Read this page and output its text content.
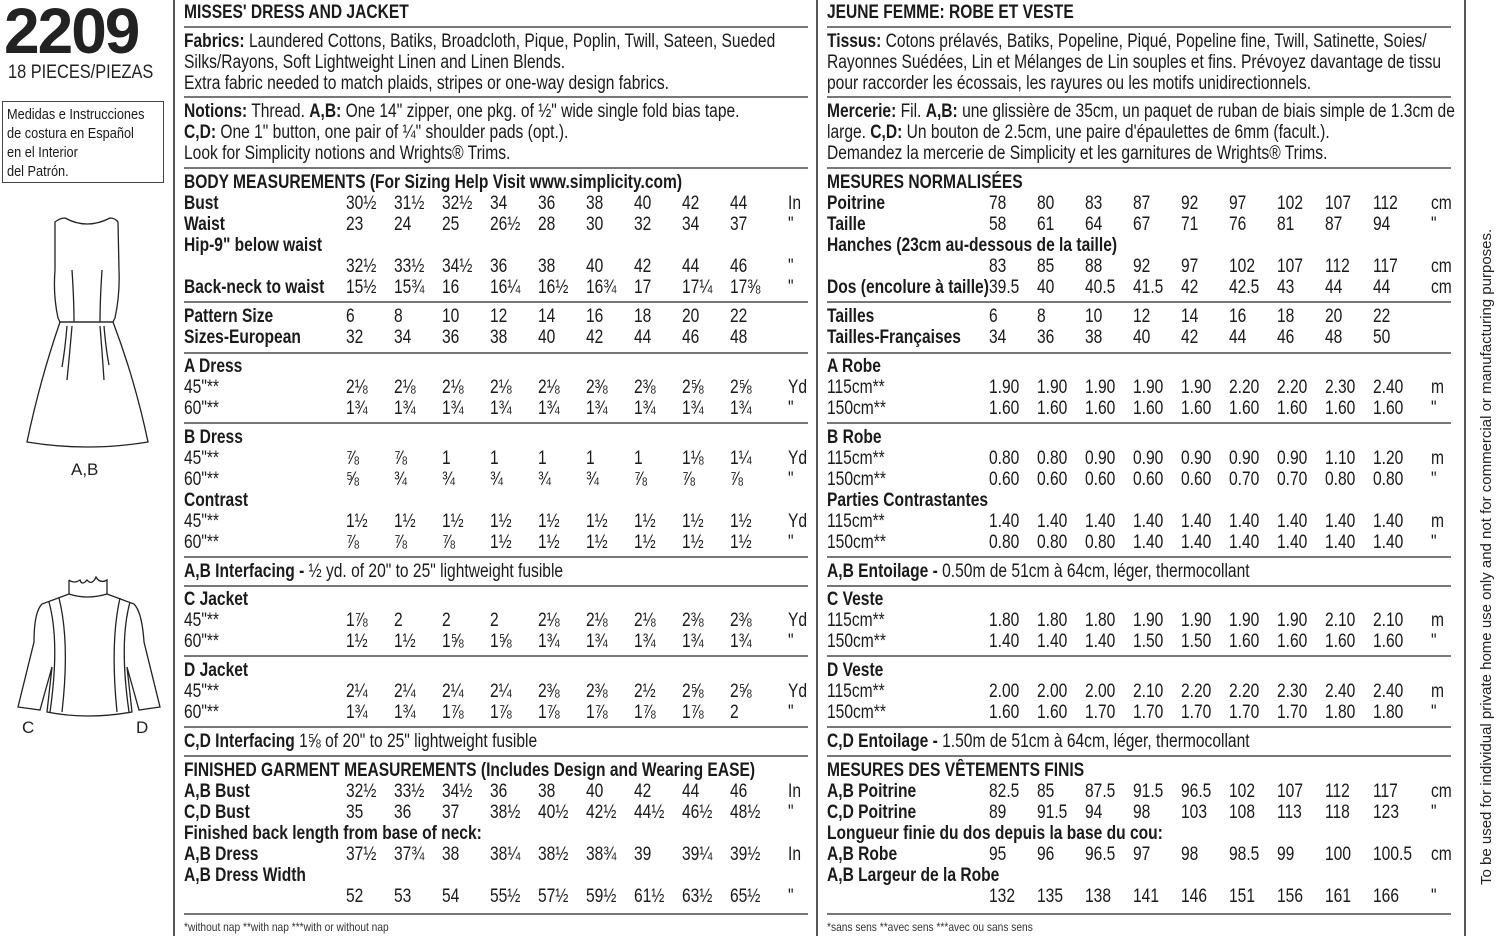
2209
18 PIECES/PIEZAS
Medidas e Instrucciones
de costura en Español
en el Interior
del Patrón.
A,B
C	D
MISSES' DRESS AND JACKET
Fabrics: Laundered Cottons, Batiks, Broadcloth, Pique, Poplin, Twill, Sateen, Sueded
Silks/Rayons, Soft Lightweight Linen and Linen Blends.
Extra fabric needed to match plaids, stripes or one-way design fabrics.
Notions: Thread. A,B: One 14" zipper, one pkg. of ½" wide single fold bias tape.
C,D: One 1" button, one pair of ¼" shoulder pads (opt.).
Look for Simplicity notions and Wrights® Trims.
BODY MEASUREMENTS (For Sizing Help Visit www.simplicity.com)
Bust	30½ 31½ 32½ 34 36 38 40 42 44 In
Waist	23 24 25 26½ 28 30 32 34 37 "
Hip-9" below waist
32½ 33½ 34½ 36 38 40 42 44 46 "
Back-neck to waist 15½ 15¾ 16 16¼ 16½ 16¾ 17 17¼ 17⅜ "
Pattern Size	6 8 10 12 14 16 18 20 22
Sizes-European 32 34 36 38 40 42 44 46 48
A Dress
45"**	2⅛ 2⅛ 2⅛ 2⅛ 2⅛ 2⅜ 2⅜ 2⅝ 2⅝ Yd
60"**	1¾ 1¾ 1¾ 1¾ 1¾ 1¾ 1¾ 1¾ 1¾ "
B Dress
45"**	⅞ ⅞ 1 1 1 1 1 1⅛ 1¼ Yd
60"**	⅝ ¾ ¾ ¾ ¾ ¾ ⅞ ⅞ ⅞ "
Contrast
45"**	1½ 1½ 1½ 1½ 1½ 1½ 1½ 1½ 1½ Yd
60"**	⅞ ⅞ ⅞ 1½ 1½ 1½ 1½ 1½ 1½ "
C Jacket
45"**	1⅞ 2 2 2 2⅛ 2⅛ 2⅛ 2⅜ 2⅜ Yd
60"**	1½ 1½ 1⅝ 1⅝ 1¾ 1¾ 1¾ 1¾ 1¾ "
D Jacket
45"**	2¼ 2¼ 2¼ 2¼ 2⅜ 2⅜ 2½ 2⅝ 2⅝ Yd
60"**	1¾ 1¾ 1⅞ 1⅞ 1⅞ 1⅞ 1⅞ 1⅞ 2	"
A,B Bust	32½ 33½ 34½ 36 38 40 42 44 46 In
C,D Bust	35 36 37 38½ 40½ 42½ 44½ 46½ 48½ "
Finished back length from base of neck:
A,B Dress	37½ 37¾ 38 38¼ 38½ 38¾ 39 39¼ 39½ In
A,B Dress Width
52 53 54 55½ 57½ 59½ 61½ 63½ 65½ "
A,B Interfacing - ½ yd. of 20" to 25" lightweight fusible
C,D Interfacing 1⅝ of 20" to 25" lightweight fusible
FINISHED GARMENT MEASUREMENTS (Includes Design and Wearing EASE)
*without nap **with nap ***with or without nap
JEUNE FEMME: ROBE ET VESTE
Tissus: Cotons prélavés, Batiks, Popeline, Piqué, Popeline fine, Twill, Satinette, Soies/
Rayonnes Suédées, Lin et Mélanges de Lin souples et fins. Prévoyez davantage de tissu
pour raccorder les écossais, les rayures ou les motifs unidirectionnels.
Mercerie: Fil. A,B: une glissière de 35cm, un paquet de ruban de biais simple de 1.3cm de
large. C,D: Un bouton de 2.5cm, une paire d'épaulettes de 6mm (facult.).
Demandez la mercerie de Simplicity et les garnitures de Wrights® Trims.
MESURES NORMALISÉES
Poitrine	78 80 83 87 92 97 102 107 112 cm
Taille	58 61 64 67 71 76 81 87 94 "
Hanches (23cm au-dessous de la taille)
83 85 88 92 97 102 107 112 117 cm
Dos (encolure à taille) 39.5 40 40.5 41.5 42 42.5 43 44 44 cm
Tailles	6 8 10 12 14 16 18 20 22
Tailles-Françaises 34 36 38 40 42 44 46 48 50
A Robe
115cm**	1.90 1.90 1.90 1.90 1.90 2.20 2.20 2.30 2.40 m
150cm**	1.60 1.60 1.60 1.60 1.60 1.60 1.60 1.60 1.60 "
B Robe
115cm**	0.80 0.80 0.90 0.90 0.90 0.90 0.90 1.10 1.20 m
150cm**	0.60 0.60 0.60 0.60 0.60 0.70 0.70 0.80 0.80 "
Parties Contrastantes
115cm**	1.40 1.40 1.40 1.40 1.40 1.40 1.40 1.40 1.40 m
150cm**	0.80 0.80 0.80 1.40 1.40 1.40 1.40 1.40 1.40 "
C Veste
115cm**	1.80 1.80 1.80 1.90 1.90 1.90 1.90 2.10 2.10 m
150cm**	1.40 1.40 1.40 1.50 1.50 1.60 1.60 1.60 1.60 "
D Veste
115cm**	2.00 2.00 2.00 2.10 2.20 2.20 2.30 2.40 2.40 m
150cm**	1.60 1.60 1.70 1.70 1.70 1.70 1.70 1.80 1.80 "
A,B Poitrine	82.5 85 87.5 91.5 96.5 102 107 112 117 cm
C,D Poitrine	89 91.5 94 98 103 108 113 118 123 "
Longueur finie du dos depuis la base du cou:
A,B Robe	95 96 96.5 97 98 98.5 99 100 100.5 cm
A,B Largeur de la Robe
132 135 138 141 146 151 156 161 166 "
A,B Entoilage - 0.50m de 51cm à 64cm, léger, thermocollant
C,D Entoilage - 1.50m de 51cm à 64cm, léger, thermocollant
MESURES DES VÊTEMENTS FINIS
*sans sens **avec sens ***avec ou sans sens
To be used for individual private home use only and not for commercial or manufacturing purposes.
